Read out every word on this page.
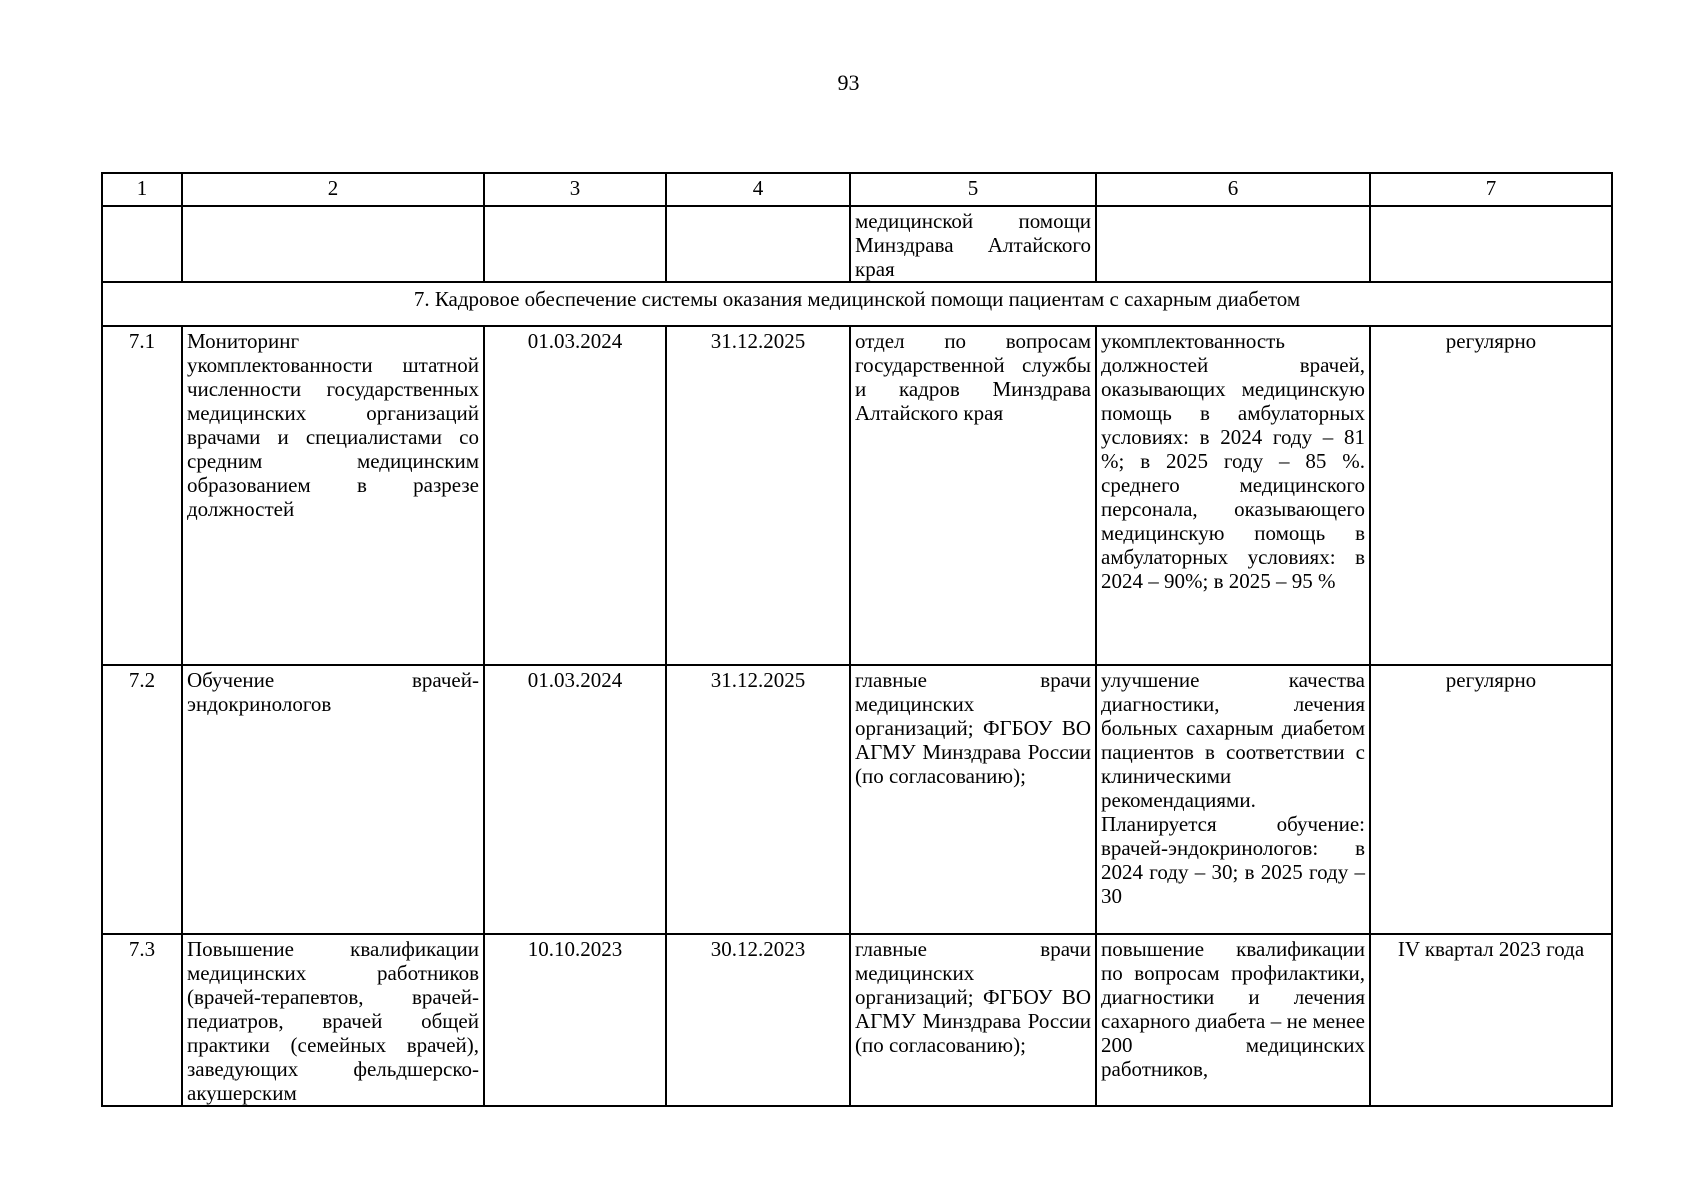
93
1	2	3	4	5	6	7
				медицинской помощи Минздрава Алтайского края		
7. Кадровое обеспечение системы оказания медицинской помощи пациентам с сахарным диабетом						
7.1	Мониторинг укомплектованности штатной численности государственных медицинских организаций врачами и специалистами со средним медицинским образованием в разрезе должностей	01.03.2024	31.12.2025	отдел по вопросам государственной службы и кадров Минздрава Алтайского края	укомплектованность должностей врачей, оказывающих медицинскую помощь в амбулаторных условиях: в 2024 году – 81 %; в 2025 году – 85 %. среднего медицинского персонала, оказывающего медицинскую помощь в амбулаторных условиях: в 2024 – 90%; в 2025 – 95 %	регулярно
7.2	Обучение врачей-эндокринологов	01.03.2024	31.12.2025	главные врачи медицинских организаций; ФГБОУ ВО АГМУ Минздрава России (по согласованию);	улучшение качества диагностики, лечения больных сахарным диабетом пациентов в соответствии с клиническими рекомендациями. Планируется обучение: врачей-эндокринологов: в 2024 году – 30; в 2025 году – 30	регулярно
7.3	Повышение квалификации медицинских работников (врачей-терапевтов, врачей-педиатров, врачей общей практики (семейных врачей), заведующих фельдшерско-акушерским	10.10.2023	30.12.2023	главные врачи медицинских организаций; ФГБОУ ВО АГМУ Минздрава России (по согласованию);	повышение квалификации по вопросам профилактики, диагностики и лечения сахарного диабета – не менее 200 медицинских работников,	IV квартал 2023 года
